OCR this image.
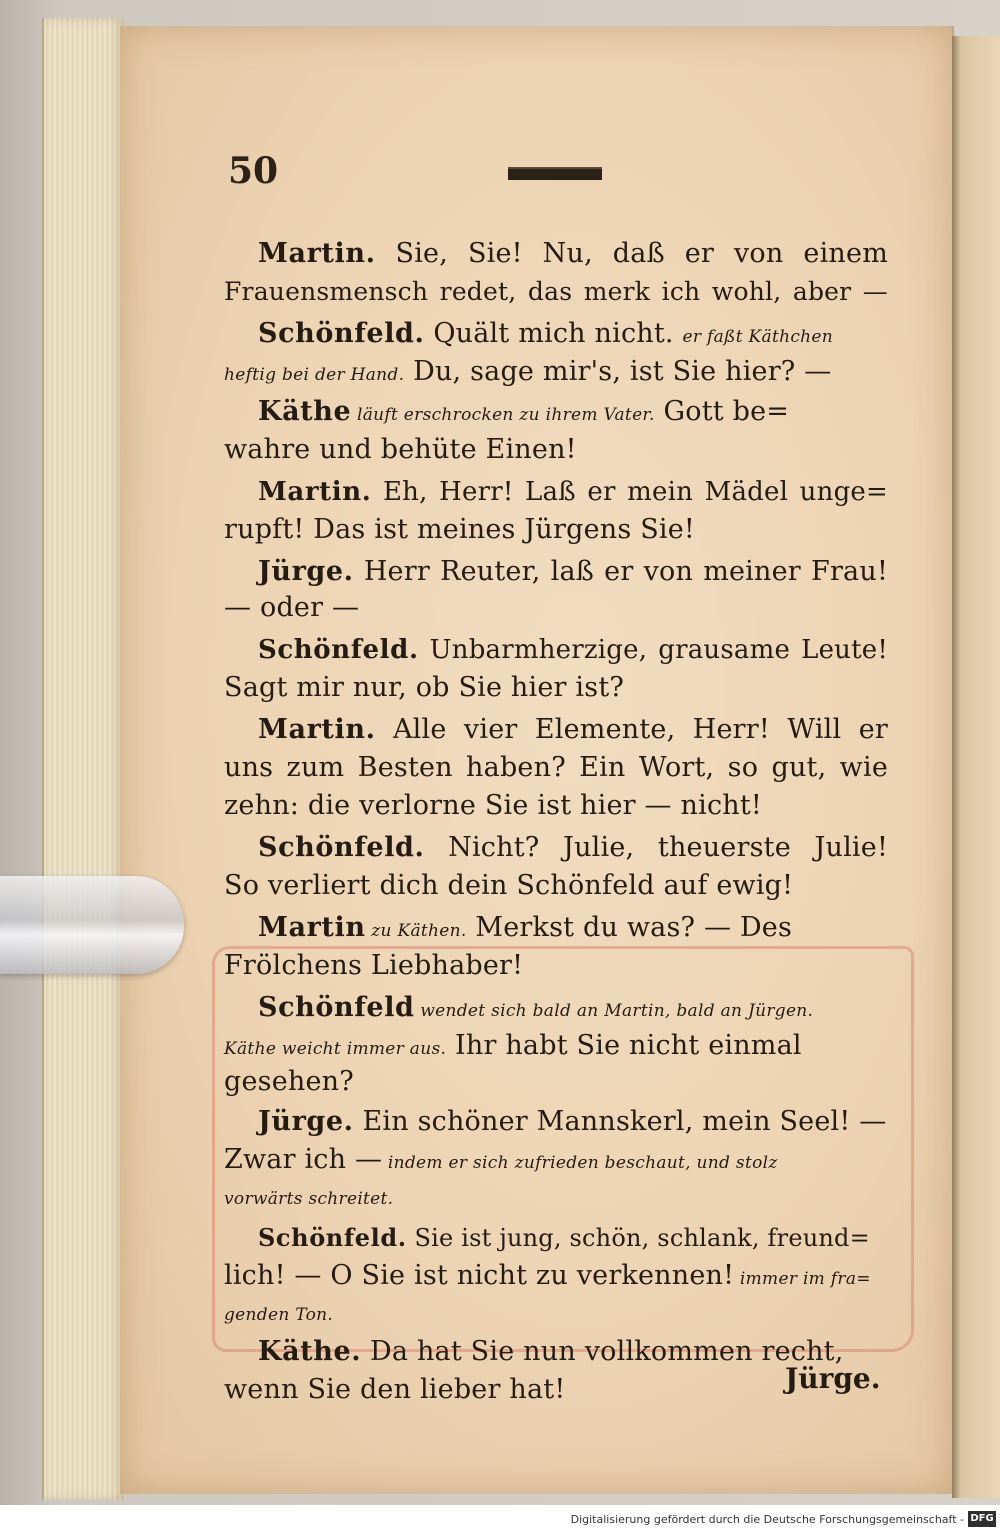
50
Martin. Sie, Sie! Nu, daß er von einem
Frauensmensch redet, das merk ich wohl, aber —
Schönfeld. Quält mich nicht. er faßt Käthchen
heftig bei der Hand. Du, sage mir's, ist Sie hier? —
Käthe läuft erschrocken zu ihrem Vater. Gott be=
wahre und behüte Einen!
Martin. Eh, Herr! Laß er mein Mädel unge=
rupft! Das ist meines Jürgens Sie!
Jürge. Herr Reuter, laß er von meiner Frau!
— oder —
Schönfeld. Unbarmherzige, grausame Leute!
Sagt mir nur, ob Sie hier ist?
Martin. Alle vier Elemente, Herr! Will er
uns zum Besten haben? Ein Wort, so gut, wie
zehn: die verlorne Sie ist hier — nicht!
Schönfeld. Nicht? Julie, theuerste Julie!
So verliert dich dein Schönfeld auf ewig!
Martin zu Käthen. Merkst du was? — Des
Frölchens Liebhaber!
Schönfeld wendet sich bald an Martin, bald an Jürgen.
Käthe weicht immer aus. Ihr habt Sie nicht einmal
gesehen?
Jürge. Ein schöner Mannskerl, mein Seel! —
Zwar ich — indem er sich zufrieden beschaut, und stolz
vorwärts schreitet.
Schönfeld. Sie ist jung, schön, schlank, freund=
lich! — O Sie ist nicht zu verkennen! immer im fra=
genden Ton.
Käthe. Da hat Sie nun vollkommen recht,
wenn Sie den lieber hat!	Jürge.
Digitalisierung gefördert durch die Deutsche Forschungsgemeinschaft - DFG
